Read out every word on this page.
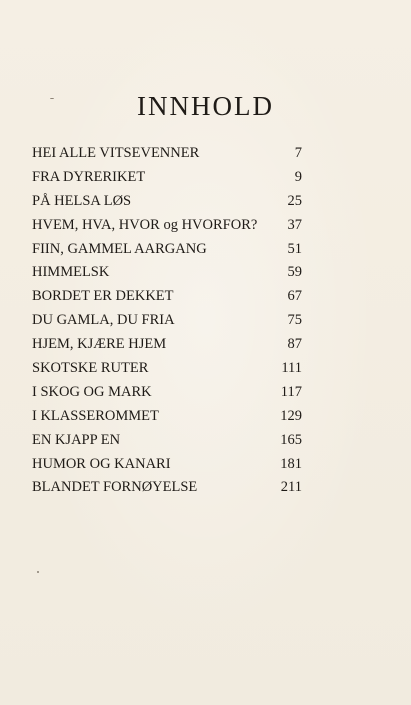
INNHOLD
HEI ALLE VITSEVENNER	7
FRA DYRERIKET	9
PÅ HELSA LØS	25
HVEM, HVA, HVOR og HVORFOR? 37
FIIN, GAMMEL AARGANG	51
HIMMELSK	59
BORDET ER DEKKET	67
DU GAMLA, DU FRIA	75
HJEM, KJÆRE HJEM	87
SKOTSKE RUTER	111
I SKOG OG MARK	117
I KLASSEROMMET	129
EN KJAPP EN	165
HUMOR OG KANARI	181
BLANDET FORNØYELSE	211
